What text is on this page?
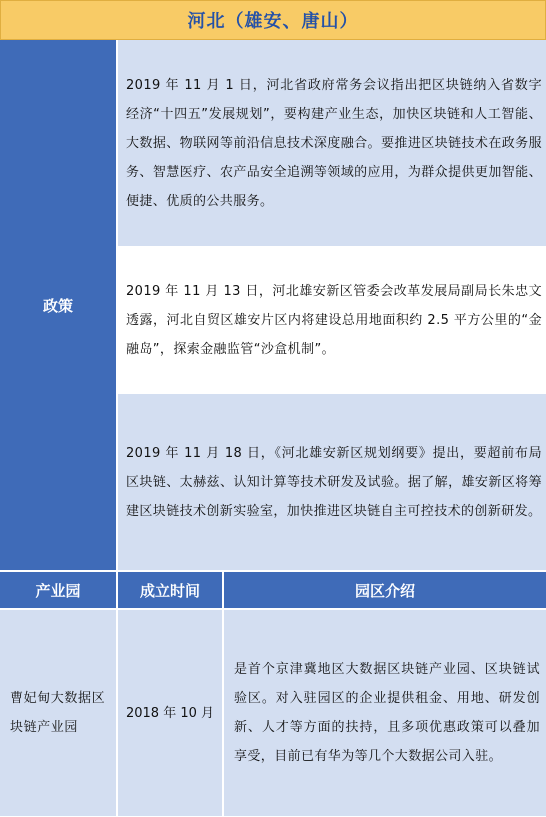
河北（雄安、唐山）
政策

2019 年 11 月 1 日，河北省政府常务会议指出把区块链纳入省数字经济“十四五”发展规划”，要构建产业生态，加快区块链和人工智能、大数据、物联网等前沿信息技术深度融合。要推进区块链技术在政务服务、智慧医疗、农产品安全追溯等领域的应用，为群众提供更加智能、便捷、优质的公共服务。

2019 年 11 月 13 日，河北雄安新区管委会改革发展局副局长朱忠文透露，河北自贸区雄安片区内将建设总用地面积约 2.5 平方公里的“金融岛”，探索金融监管“沙盒机制”。

2019 年 11 月 18 日，《河北雄安新区规划纲要》提出，要超前布局区块链、太赫兹、认知计算等技术研发及试验。据了解，雄安新区将筹建区块链技术创新实验室，加快推进区块链自主可控技术的创新研发。

产业园	成立时间	园区介绍
曹妃甸大数据区块链产业园
2018 年 10 月
是首个京津冀地区大数据区块链产业园、区块链试验区。对入驻园区的企业提供租金、用地、研发创新、人才等方面的扶持，且多项优惠政策可以叠加享受，目前已有华为等几个大数据公司入驻。
